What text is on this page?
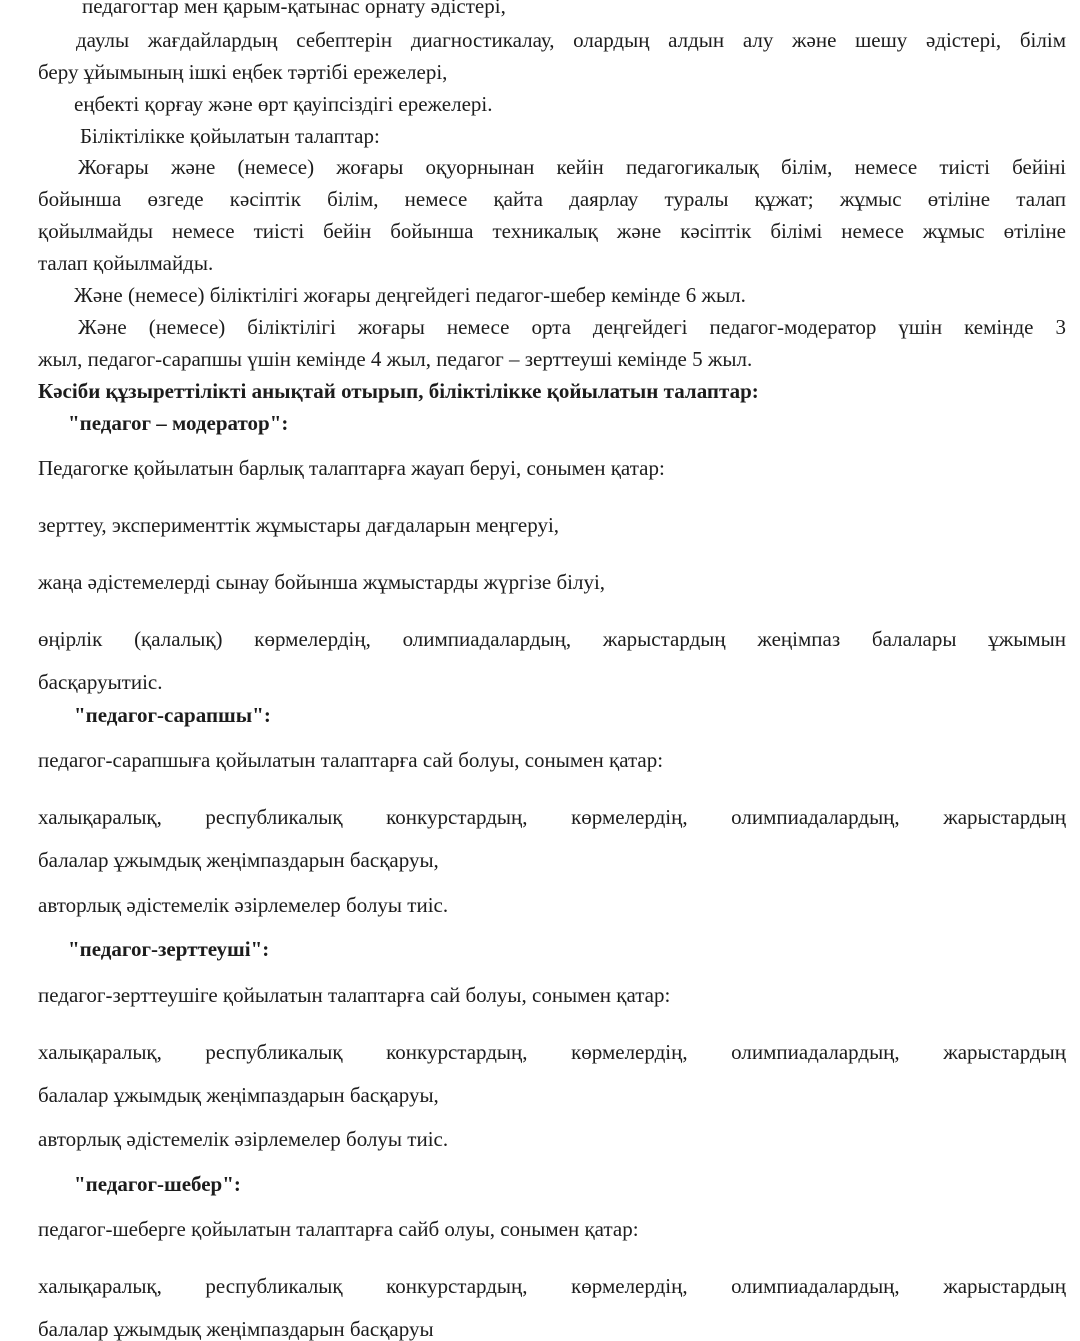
педагогтар мен қарым-қатынас орнату әдістері,

даулы жағдайлардың себептерін диагностикалау, олардың алдын алу және шешу әдістері, білім

беру ұйымының ішкі еңбек тәртібі ережелері,

еңбекті қорғау және өрт қауіпсіздігі ережелері.

Біліктілікке қойылатын талаптар:

Жоғары және (немесе) жоғары оқуорнынан кейін педагогикалық білім, немесе тиісті бейіні

бойынша өзгеде кәсіптік білім, немесе қайта даярлау туралы құжат; жұмыс өтіліне талап

қойылмайды немесе тиісті бейін бойынша техникалық және кәсіптік білімі немесе жұмыс өтіліне

талап қойылмайды.

Және (немесе) біліктілігі жоғары деңгейдегі педагог-шебер кемінде 6 жыл.

Және (немесе) біліктілігі жоғары немесе орта деңгейдегі педагог-модератор үшін кемінде 3

жыл, педагог-сарапшы үшін кемінде 4 жыл, педагог – зерттеуші кемінде 5 жыл.

Кәсіби құзыреттілікті анықтай отырып, біліктілікке қойылатын талаптар:

"педагог – модератор":

Педагогке қойылатын барлық талаптарға жауап беруі, сонымен қатар:

зерттеу, эксперименттік жұмыстары дағдаларын меңгеруі,

жаңа әдістемелерді сынау бойынша жұмыстарды жүргізе білуі,

өңірлік (қалалық) көрмелердің, олимпиадалардың, жарыстардың жеңімпаз балалары ұжымын

басқаруытиіс.

"педагог-сарапшы":

педагог-сарапшыға қойылатын талаптарға сай болуы, сонымен қатар:

халықаралық, республикалық конкурстардың, көрмелердің, олимпиадалардың, жарыстардың

балалар ұжымдық жеңімпаздарын басқаруы,

авторлық әдістемелік әзірлемелер болуы тиіс.

"педагог-зерттеуші":

педагог-зерттеушіге қойылатын талаптарға сай болуы, сонымен қатар:

халықаралық, республикалық конкурстардың, көрмелердің, олимпиадалардың, жарыстардың

балалар ұжымдық жеңімпаздарын басқаруы,

авторлық әдістемелік әзірлемелер болуы тиіс.

"педагог-шебер":

педагог-шеберге қойылатын талаптарға сайб олуы, сонымен қатар:

халықаралық, республикалық конкурстардың, көрмелердің, олимпиадалардың, жарыстардың

балалар ұжымдық жеңімпаздарын басқаруы
